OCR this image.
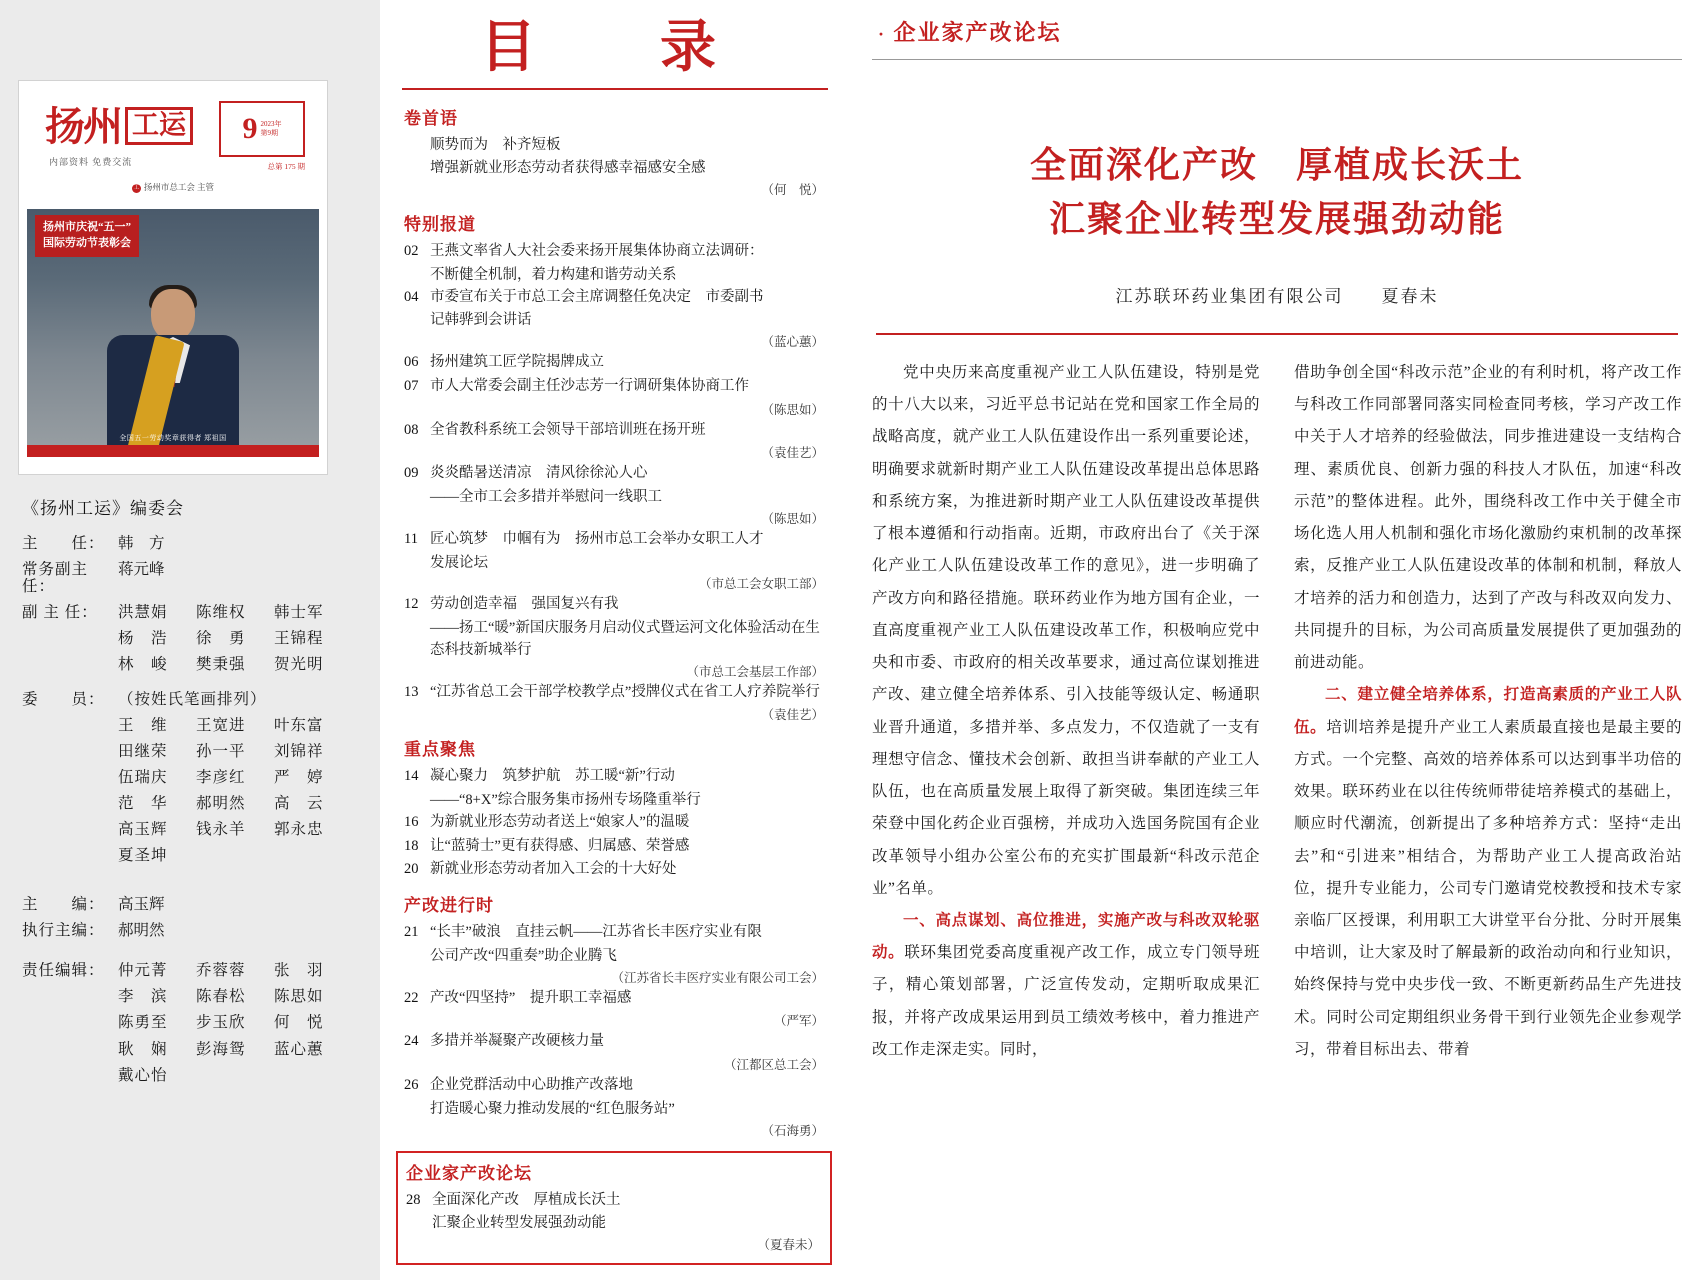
扬州 工运
内部资料 免费交流
9 2023年
第9期
总第 175 期
工 扬州市总工会 主管
扬州市庆祝“五一”
国际劳动节表彰会
全国五一劳动奖章获得者 郑祖国
《扬州工运》编委会
主　　任： 韩　方
常务副主任：
蒋元峰
副 主 任：	洪慧娟	陈维权	韩士军
杨　浩	徐　勇	王锦程
林　峻	樊秉强	贺光明
委　　员： （按姓氏笔画排列）
王　维	王宽进	叶东富
田继荣	孙一平	刘锦祥
伍瑞庆	李彦红	严　婷
范　华	郝明然	高　云
高玉辉	钱永羊	郭永忠
夏圣坤
主　　编： 高玉辉
执行主编： 郝明然
责任编辑： 仲元菁	乔蓉蓉	张　羽
李　滨	陈春松	陈思如
陈勇至	步玉欣	何　悦
耿　娴	彭海鸳	蓝心蕙
戴心怡
目　录
卷首语
顺势而为　补齐短板
增强新就业形态劳动者获得感幸福感安全感
（何　悦）
特别报道
02 王燕文率省人大社会委来扬开展集体协商立法调研：
不断健全机制，着力构建和谐劳动关系
04 市委宣布关于市总工会主席调整任免决定　市委副书
记韩骅到会讲话
（蓝心蕙）
06 扬州建筑工匠学院揭牌成立
07 市人大常委会副主任沙志芳一行调研集体协商工作
（陈思如）
08 全省教科系统工会领导干部培训班在扬开班
（袁佳艺）
09 炎炎酷暑送清凉　清风徐徐沁人心
——全市工会多措并举慰问一线职工
（陈思如）
11 匠心筑梦　巾帼有为　扬州市总工会举办女职工人才
发展论坛
（市总工会女职工部）
12 劳动创造幸福　强国复兴有我
——扬工“暖”新国庆服务月启动仪式暨运河文化体验活动在生态科技新城举行
（市总工会基层工作部）
13 “江苏省总工会干部学校教学点”授牌仪式在省工人疗养院举行
（袁佳艺）
重点聚焦
14 凝心聚力　筑梦护航　苏工暖“新”行动
——“8+X”综合服务集市扬州专场隆重举行
16 为新就业形态劳动者送上“娘家人”的温暖
18 让“蓝骑士”更有获得感、归属感、荣誉感
20 新就业形态劳动者加入工会的十大好处
产改进行时
21 “长丰”破浪　直挂云帆——江苏省长丰医疗实业有限
公司产改“四重奏”助企业腾飞
（江苏省长丰医疗实业有限公司工会）
22 产改“四坚持”　提升职工幸福感
（严军）
24 多措并举凝聚产改硬核力量
（江都区总工会）
26 企业党群活动中心助推产改落地
打造暖心聚力推动发展的“红色服务站”
（石海勇）
企业家产改论坛
28 全面深化产改　厚植成长沃土
汇聚企业转型发展强劲动能
（夏春未）
· 企业家产改论坛
全面深化产改　厚植成长沃土
汇聚企业转型发展强劲动能
江苏联环药业集团有限公司　　夏春未

党中央历来高度重视产业工人队伍建设，特别是党的十八大以来，习近平总书记站在党和国家工作全局的战略高度，就产业工人队伍建设作出一系列重要论述，明确要求就新时期产业工人队伍建设改革提出总体思路和系统方案，为推进新时期产业工人队伍建设改革提供了根本遵循和行动指南。近期，市政府出台了《关于深化产业工人队伍建设改革工作的意见》，进一步明确了产改方向和路径措施。联环药业作为地方国有企业，一直高度重视产业工人队伍建设改革工作，积极响应党中央和市委、市政府的相关改革要求，通过高位谋划推进产改、建立健全培养体系、引入技能等级认定、畅通职业晋升通道，多措并举、多点发力，不仅造就了一支有理想守信念、懂技术会创新、敢担当讲奉献的产业工人队伍，也在高质量发展上取得了新突破。集团连续三年荣登中国化药企业百强榜，并成功入选国务院国有企业改革领导小组办公室公布的充实扩围最新“科改示范企业”名单。

一、高点谋划、高位推进，实施产改与科改双轮驱动。联环集团党委高度重视产改工作，成立专门领导班子，精心策划部署，广泛宣传发动，定期听取成果汇报，并将产改成果运用到员工绩效考核中，着力推进产改工作走深走实。同时，

借助争创全国“科改示范”企业的有利时机，将产改工作与科改工作同部署同落实同检查同考核，学习产改工作中关于人才培养的经验做法，同步推进建设一支结构合理、素质优良、创新力强的科技人才队伍，加速“科改示范”的整体进程。此外，围绕科改工作中关于健全市场化选人用人机制和强化市场化激励约束机制的改革探索，反推产业工人队伍建设改革的体制和机制，释放人才培养的活力和创造力，达到了产改与科改双向发力、共同提升的目标，为公司高质量发展提供了更加强劲的前进动能。

二、建立健全培养体系，打造高素质的产业工人队伍。培训培养是提升产业工人素质最直接也是最主要的方式。一个完整、高效的培养体系可以达到事半功倍的效果。联环药业在以往传统师带徒培养模式的基础上，顺应时代潮流，创新提出了多种培养方式：坚持“走出去”和“引进来”相结合，为帮助产业工人提高政治站位，提升专业能力，公司专门邀请党校教授和技术专家亲临厂区授课，利用职工大讲堂平台分批、分时开展集中培训，让大家及时了解最新的政治动向和行业知识，始终保持与党中央步伐一致、不断更新药品生产先进技术。同时公司定期组织业务骨干到行业领先企业参观学习，带着目标出去、带着
